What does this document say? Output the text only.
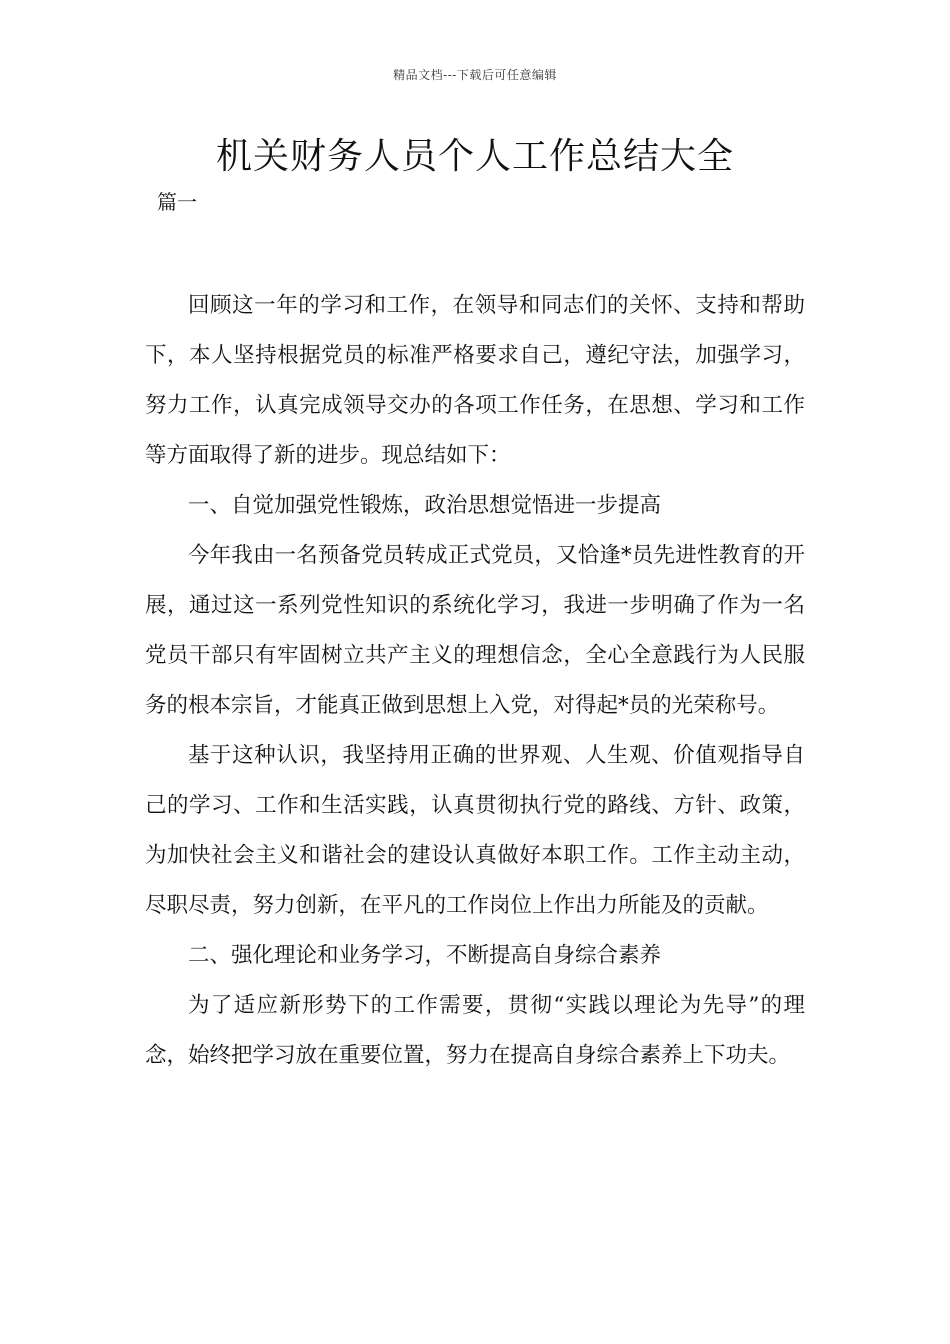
精品文档---下载后可任意编辑
机关财务人员个人工作总结大全
篇一

回顾这一年的学习和工作，在领导和同志们的关怀、支持和帮助下，本人坚持根据党员的标准严格要求自己，遵纪守法，加强学习，努力工作，认真完成领导交办的各项工作任务，在思想、学习和工作等方面取得了新的进步。现总结如下：

一、自觉加强党性锻炼，政治思想觉悟进一步提高

今年我由一名预备党员转成正式党员，又恰逢*员先进性教育的开展，通过这一系列党性知识的系统化学习，我进一步明确了作为一名党员干部只有牢固树立共产主义的理想信念，全心全意践行为人民服务的根本宗旨，才能真正做到思想上入党，对得起*员的光荣称号。

基于这种认识，我坚持用正确的世界观、人生观、价值观指导自己的学习、工作和生活实践，认真贯彻执行党的路线、方针、政策，为加快社会主义和谐社会的建设认真做好本职工作。工作主动主动，尽职尽责，努力创新，在平凡的工作岗位上作出力所能及的贡献。

二、强化理论和业务学习，不断提高自身综合素养

为了适应新形势下的工作需要，贯彻“实践以理论为先导”的理念，始终把学习放在重要位置，努力在提高自身综合素养上下功夫。
